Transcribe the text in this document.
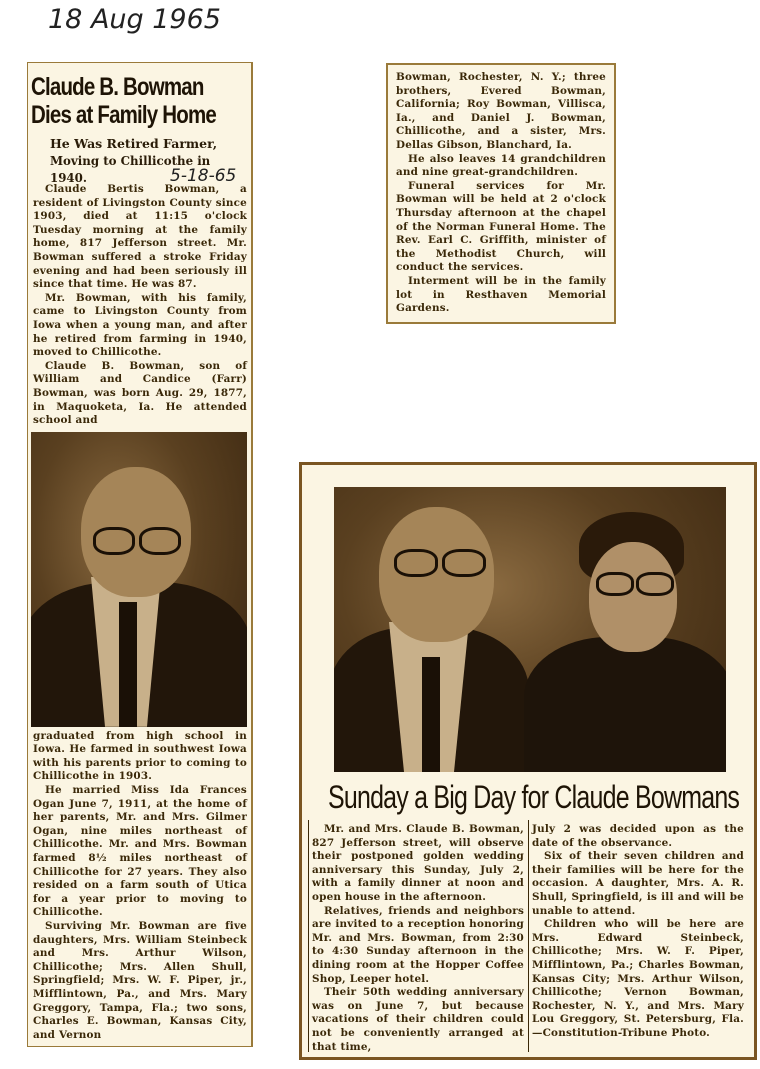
18 Aug 1965
Claude B. Bowman
Dies at Family Home
He Was Retired Farmer,
Moving to Chillicothe in 1940.	5-18-65

Claude Bertis Bowman, a resident of Livingston County since 1903, died at 11:15 o'clock Tuesday morning at the family home, 817 Jefferson street. Mr. Bowman suffered a stroke Friday evening and had been seriously ill since that time. He was 87.

Mr. Bowman, with his family, came to Livingston County from Iowa when a young man, and after he retired from farming in 1940, moved to Chillicothe.

Claude B. Bowman, son of William and Candice (Farr) Bowman, was born Aug. 29, 1877, in Maquoketa, Ia. He attended school and

graduated from high school in Iowa. He farmed in southwest Iowa with his parents prior to coming to Chillicothe in 1903.

He married Miss Ida Frances Ogan June 7, 1911, at the home of her parents, Mr. and Mrs. Gilmer Ogan, nine miles northeast of Chillicothe. Mr. and Mrs. Bowman farmed 8½ miles northeast of Chillicothe for 27 years. They also resided on a farm south of Utica for a year prior to moving to Chillicothe.

Surviving Mr. Bowman are five daughters, Mrs. William Steinbeck and Mrs. Arthur Wilson, Chillicothe; Mrs. Allen Shull, Springfield; Mrs. W. F. Piper, jr., Mifflintown, Pa., and Mrs. Mary Greggory, Tampa, Fla.; two sons, Charles E. Bowman, Kansas City, and Vernon

Bowman, Rochester, N. Y.; three brothers, Evered Bowman, California; Roy Bowman, Villisca, Ia., and Daniel J. Bowman, Chillicothe, and a sister, Mrs. Dellas Gibson, Blanchard, Ia.

He also leaves 14 grandchildren and nine great-grandchildren.

Funeral services for Mr. Bowman will be held at 2 o'clock Thursday afternoon at the chapel of the Norman Funeral Home. The Rev. Earl C. Griffith, minister of the Methodist Church, will conduct the services.

Interment will be in the family lot in Resthaven Memorial Gardens.

Sunday a Big Day for Claude Bowmans

Mr. and Mrs. Claude B. Bowman, 827 Jefferson street, will observe their postponed golden wedding anniversary this Sunday, July 2, with a family dinner at noon and open house in the afternoon.

Relatives, friends and neighbors are invited to a reception honoring Mr. and Mrs. Bowman, from 2:30 to 4:30 Sunday afternoon in the dining room at the Hopper Coffee Shop, Leeper hotel.

Their 50th wedding anniversary was on June 7, but because vacations of their children could not be conveniently arranged at that time,

July 2 was decided upon as the date of the observance.

Six of their seven children and their families will be here for the occasion. A daughter, Mrs. A. R. Shull, Springfield, is ill and will be unable to attend.

Children who will be here are Mrs. Edward Steinbeck, Chillicothe; Mrs. W. F. Piper, Mifflintown, Pa.; Charles Bowman, Kansas City; Mrs. Arthur Wilson, Chillicothe; Vernon Bowman, Rochester, N. Y., and Mrs. Mary Lou Greggory, St. Petersburg, Fla.—Constitution-Tribune Photo.
